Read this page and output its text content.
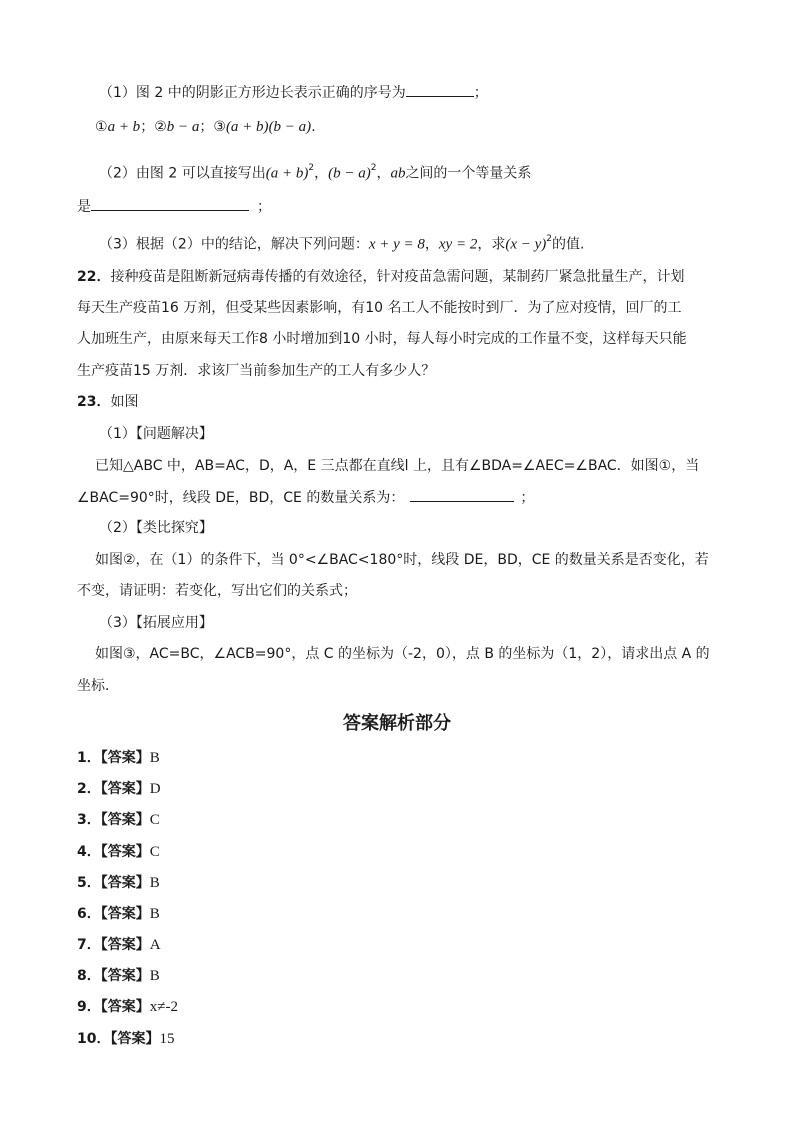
（1）图 2 中的阴影正方形边长表示正确的序号为	；
①a + b；②b − a；③(a + b)(b − a).
（2）由图 2 可以直接写出$(a + b)^2$，$(b - a)^2$，ab之间的一个等量关系
是	；
（3）根据（2）中的结论，解决下列问题：x + y = 8，xy = 2，求$(x - y)^2$的值.
22．接种疫苗是阻断新冠病毒传播的有效途径，针对疫苗急需问题，某制药厂紧急批量生产，计划
每天生产疫苗16 万剂，但受某些因素影响，有10 名工人不能按时到厂．为了应对疫情，回厂的工
人加班生产，由原来每天工作8 小时增加到10 小时，每人每小时完成的工作量不变，这样每天只能
生产疫苗15 万剂．求该厂当前参加生产的工人有多少人？
23．如图
（1）【问题解决】
已知△ABC 中，AB=AC，D，A，E 三点都在直线l 上，且有∠BDA=∠AEC=∠BAC．如图①，当
∠BAC=90°时，线段 DE，BD，CE 的数量关系为：	；
（2）【类比探究】
如图②，在（1）的条件下，当 0°<∠BAC<180°时，线段 DE，BD，CE 的数量关系是否变化，若
不变，请证明：若变化，写出它们的关系式；
（3）【拓展应用】
如图③，AC=BC，∠ACB=90°，点 C 的坐标为（-2，0），点 B 的坐标为（1，2），请求出点 A 的
坐标．
答案解析部分
1．【答案】B
2．【答案】D
3．【答案】C
4．【答案】C
5．【答案】B
6．【答案】B
7．【答案】A
8．【答案】B
9．【答案】x≠-2
10．【答案】15
